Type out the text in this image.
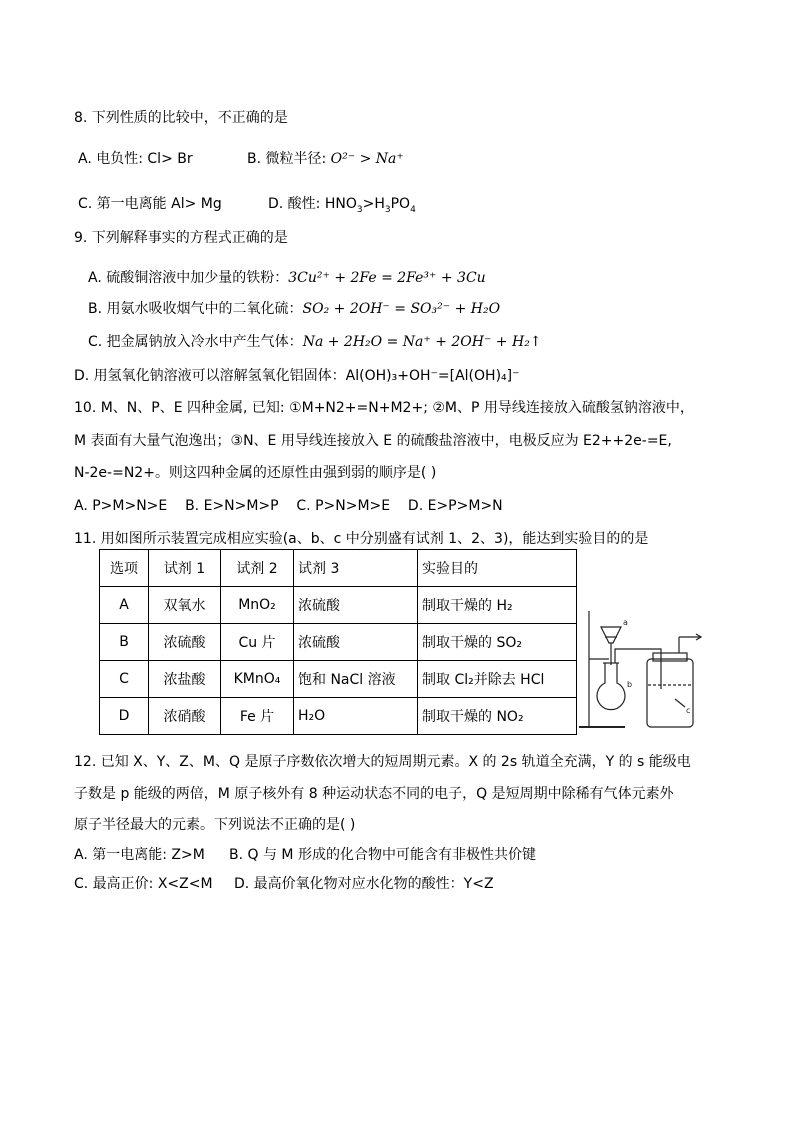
8. 下列性质的比较中，不正确的是
A. 电负性: Cl> Br	B. 微粒半径: O²⁻ > Na⁺
C. 第一电离能 Al> Mg	D. 酸性: $HNO_3>H_3PO_4$
9. 下列解释事实的方程式正确的是
A. 硫酸铜溶液中加少量的铁粉：3Cu²⁺ + 2Fe = 2Fe³⁺ + 3Cu
B. 用氨水吸收烟气中的二氧化硫：SO₂ + 2OH⁻ = SO₃²⁻ + H₂O
C. 把金属钠放入冷水中产生气体：Na + 2H₂O = Na⁺ + 2OH⁻ + H₂↑
D. 用氢氧化钠溶液可以溶解氢氧化铝固体：Al(OH)₃+OH⁻=[Al(OH)₄]⁻
10. M、N、P、E 四种金属, 已知: ①M+N2+=N+M2+; ②M、P 用导线连接放入硫酸氢钠溶液中，
M 表面有大量气泡逸出；③N、E 用导线连接放入 E 的硫酸盐溶液中，电极反应为 E2++2e-=E,
N-2e-=N2+。则这四种金属的还原性由强到弱的顺序是( )
A. P>M>N>E    B. E>N>M>P    C. P>N>M>E    D. E>P>M>N
11. 用如图所示装置完成相应实验(a、b、c 中分别盛有试剂 1、2、3)，能达到实验目的的是
选项	试剂 1	试剂 2	试剂 3	实验目的
A	双氧水	MnO₂	浓硫酸	制取干燥的 H₂
B	浓硫酸	Cu 片	浓硫酸	制取干燥的 SO₂
C	浓盐酸	KMnO₄	饱和 NaCl 溶液	制取 Cl₂并除去 HCl
D	浓硝酸	Fe 片	H₂O	制取干燥的 NO₂
a
b
c
12. 已知 X、Y、Z、M、Q 是原子序数依次增大的短周期元素。X 的 2s 轨道全充满，Y 的 s 能级电
子数是 p 能级的两倍，M 原子核外有 8 种运动状态不同的电子，Q 是短周期中除稀有气体元素外
原子半径最大的元素。下列说法不正确的是( )
A. 第一电离能: Z>M B. Q 与 M 形成的化合物中可能含有非极性共价键
C. 最高正价: X<Z<M D. 最高价氧化物对应水化物的酸性：Y<Z
